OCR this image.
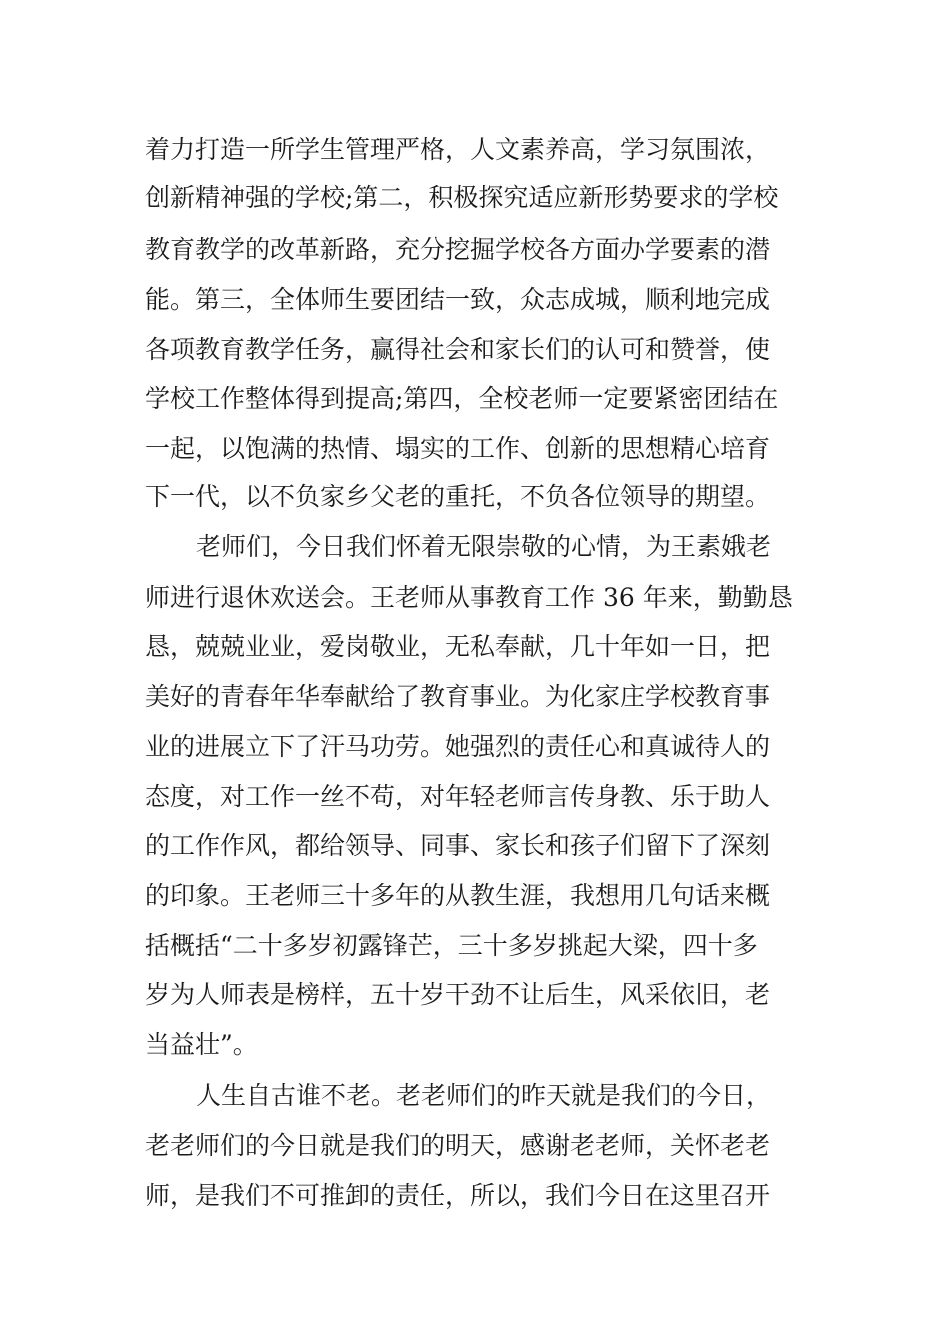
着力打造一所学生管理严格，人文素养高，学习氛围浓，

创新精神强的学校;第二，积极探究适应新形势要求的学校

教育教学的改革新路，充分挖掘学校各方面办学要素的潜

能。第三，全体师生要团结一致，众志成城，顺利地完成

各项教育教学任务，赢得社会和家长们的认可和赞誉，使

学校工作整体得到提高;第四，全校老师一定要紧密团结在

一起，以饱满的热情、塌实的工作、创新的思想精心培育

下一代，以不负家乡父老的重托，不负各位领导的期望。

老师们，今日我们怀着无限崇敬的心情，为王素娥老

师进行退休欢送会。王老师从事教育工作 36 年来，勤勤恳

恳，兢兢业业，爱岗敬业，无私奉献，几十年如一日，把

美好的青春年华奉献给了教育事业。为化家庄学校教育事

业的进展立下了汗马功劳。她强烈的责任心和真诚待人的

态度，对工作一丝不苟，对年轻老师言传身教、乐于助人

的工作作风，都给领导、同事、家长和孩子们留下了深刻

的印象。王老师三十多年的从教生涯，我想用几句话来概

括概括“二十多岁初露锋芒，三十多岁挑起大梁，四十多

岁为人师表是榜样，五十岁干劲不让后生，风采依旧，老

当益壮”。

人生自古谁不老。老老师们的昨天就是我们的今日，

老老师们的今日就是我们的明天，感谢老老师，关怀老老

师，是我们不可推卸的责任，所以，我们今日在这里召开
